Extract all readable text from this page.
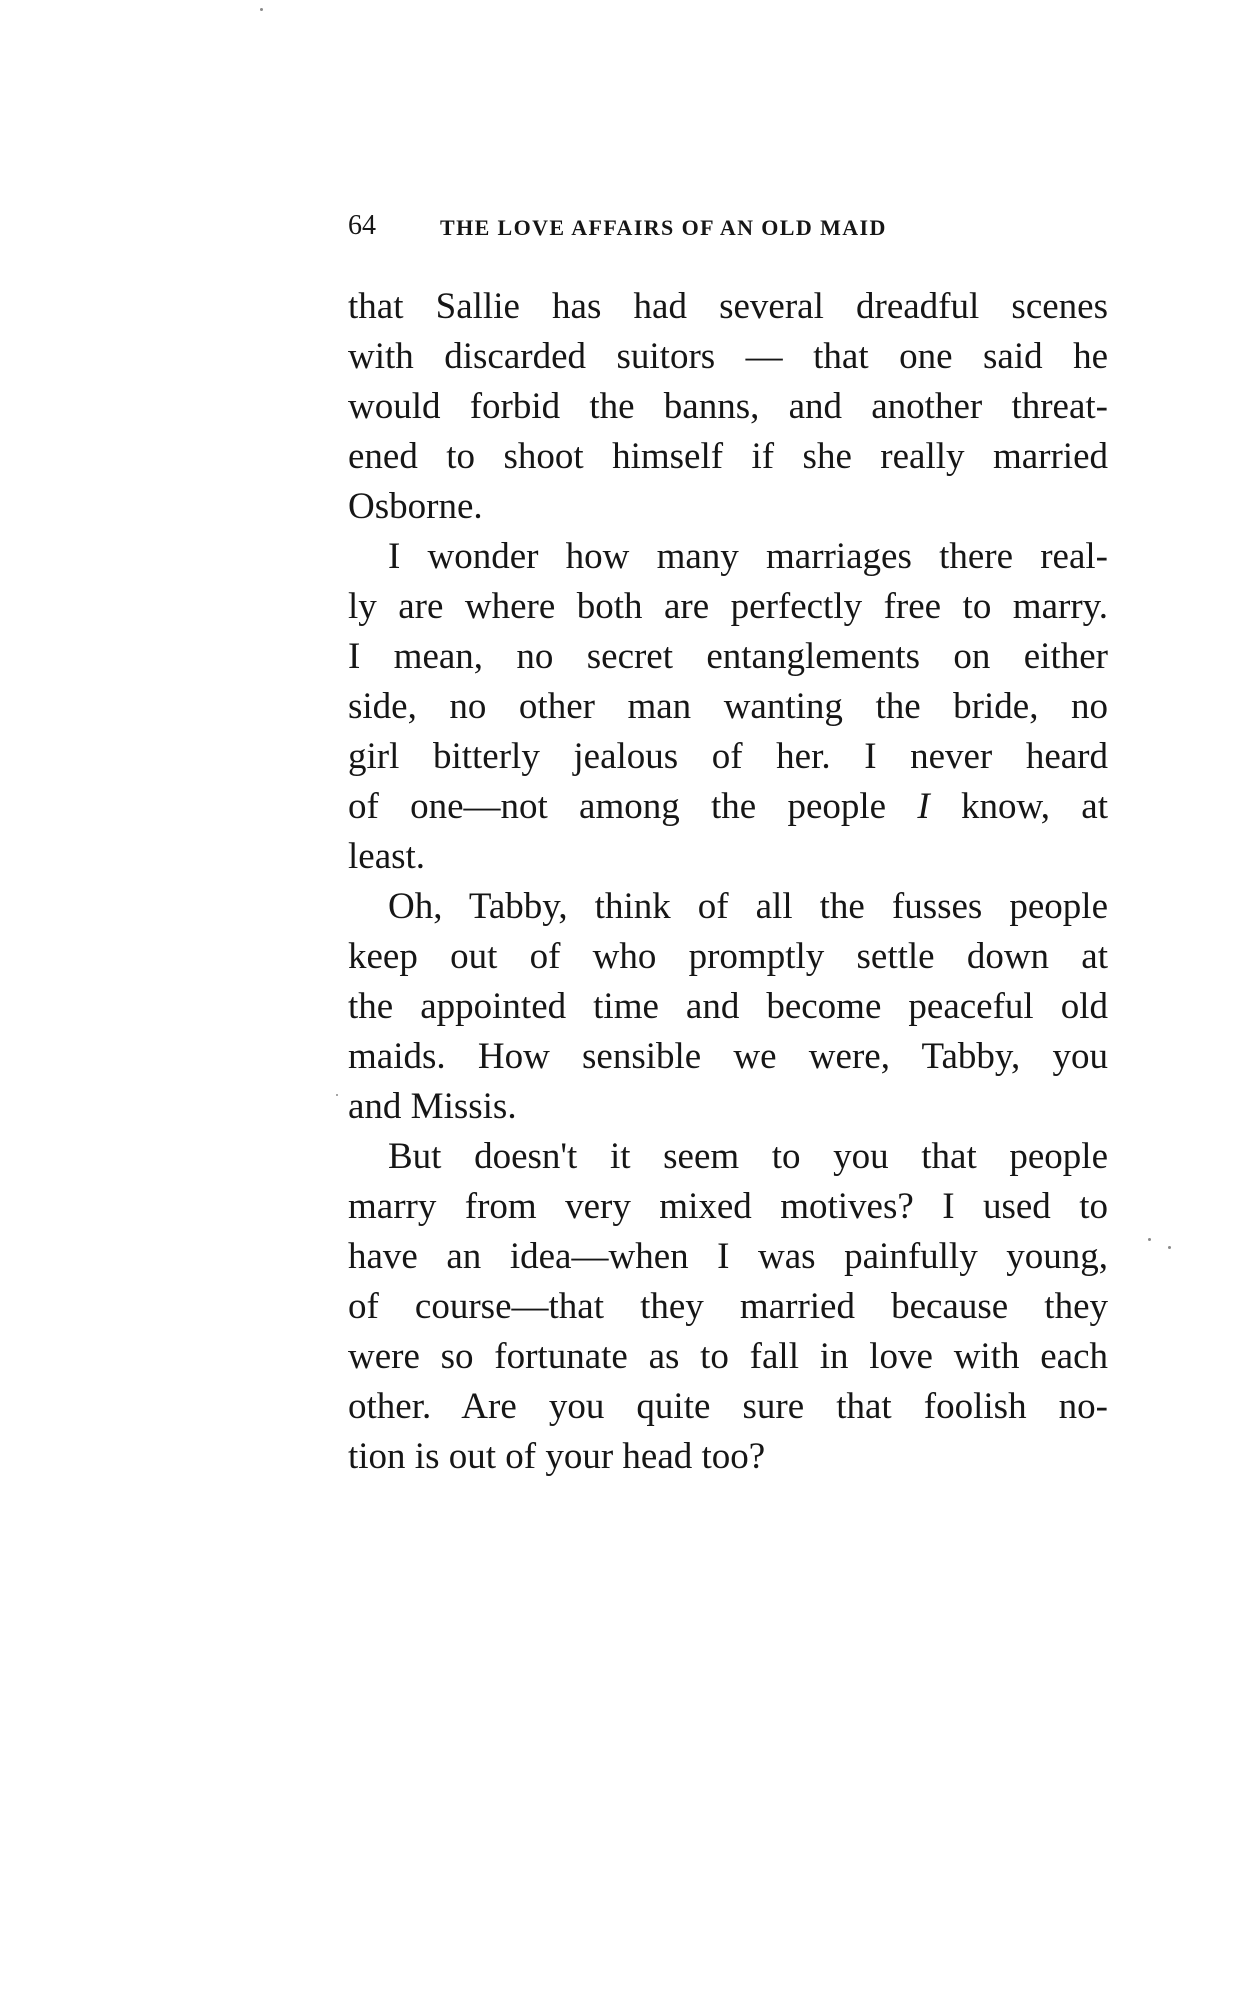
64	THE LOVE AFFAIRS OF AN OLD MAID
that Sallie has had several dreadful scenes
with discarded suitors — that one said he
would forbid the banns, and another threat-
ened to shoot himself if she really married
Osborne.
I wonder how many marriages there real-
ly are where both are perfectly free to marry.
I mean, no secret entanglements on either
side, no other man wanting the bride, no
girl bitterly jealous of her. I never heard
of one—not among the people I know, at
least.
Oh, Tabby, think of all the fusses people
keep out of who promptly settle down at
the appointed time and become peaceful old
maids. How sensible we were, Tabby, you
and Missis.
But doesn't it seem to you that people
marry from very mixed motives? I used to
have an idea—when I was painfully young,
of course—that they married because they
were so fortunate as to fall in love with each
other. Are you quite sure that foolish no-
tion is out of your head too?
